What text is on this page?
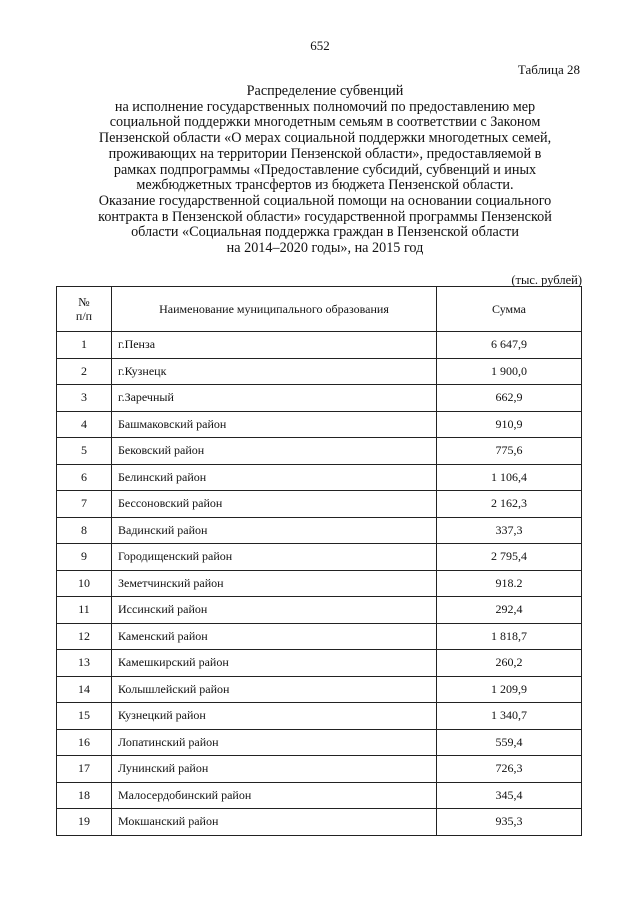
652
Таблица 28
Распределение субвенций
на исполнение государственных полномочий по предоставлению мер
социальной поддержки многодетным семьям в соответствии с Законом
Пензенской области «О мерах социальной поддержки многодетных семей,
проживающих на территории Пензенской области», предоставляемой в
рамках подпрограммы «Предоставление субсидий, субвенций и иных
межбюджетных трансфертов из бюджета Пензенской области.
Оказание государственной социальной помощи на основании социального
контракта в Пензенской области» государственной программы Пензенской
области «Социальная поддержка граждан в Пензенской области
на 2014–2020 годы», на 2015 год
(тыс. рублей)
№
п/п	Наименование муниципального образования	Сумма
1	г.Пенза	6 647,9
2	г.Кузнецк	1 900,0
3	г.Заречный	662,9
4	Башмаковский район	910,9
5	Бековский район	775,6
6	Белинский район	1 106,4
7	Бессоновский район	2 162,3
8	Вадинский район	337,3
9	Городищенский район	2 795,4
10	Земетчинский район	918.2
11	Иссинский район	292,4
12	Каменский район	1 818,7
13	Камешкирский район	260,2
14	Колышлейский район	1 209,9
15	Кузнецкий район	1 340,7
16	Лопатинский район	559,4
17	Лунинский район	726,3
18	Малосердобинский район	345,4
19	Мокшанский район	935,3
